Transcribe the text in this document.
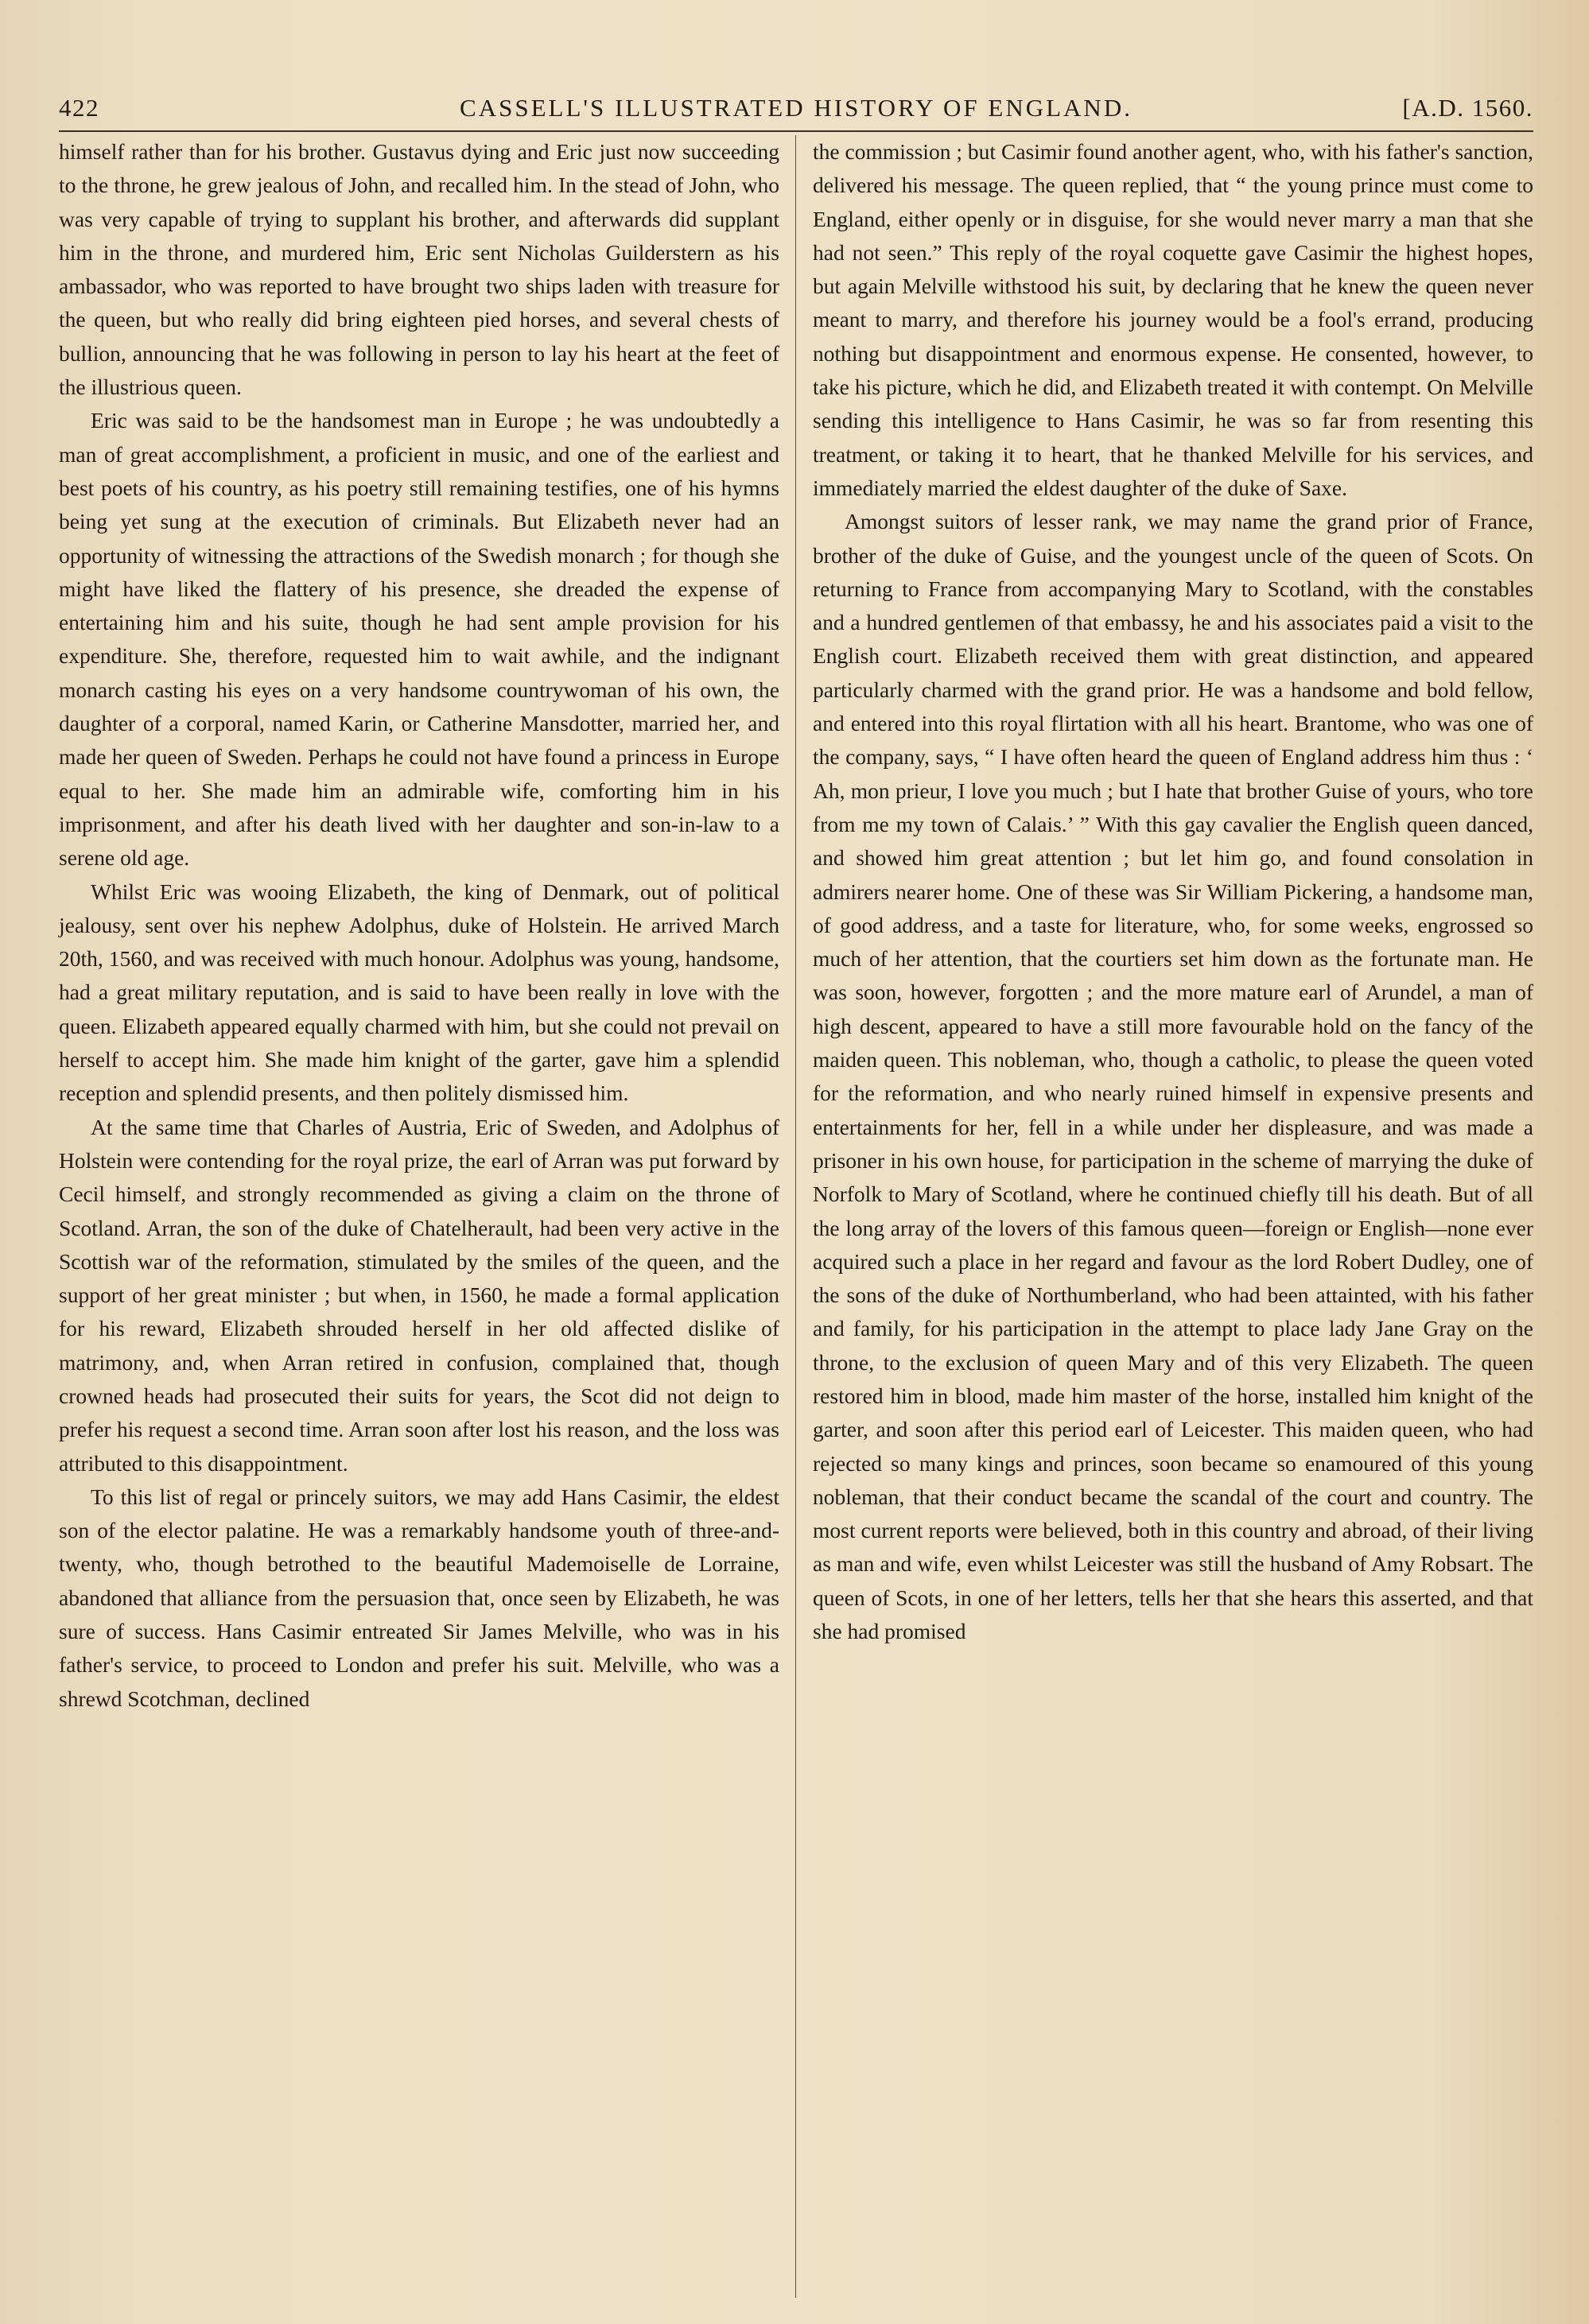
422	CASSELL'S ILLUSTRATED HISTORY OF ENGLAND.	[A.D. 1560.

himself rather than for his brother. Gustavus dying and Eric just now succeeding to the throne, he grew jealous of John, and recalled him. In the stead of John, who was very capable of trying to supplant his brother, and afterwards did supplant him in the throne, and murdered him, Eric sent Nicholas Guilderstern as his ambassador, who was reported to have brought two ships laden with treasure for the queen, but who really did bring eighteen pied horses, and several chests of bullion, announcing that he was following in person to lay his heart at the feet of the illustrious queen.

Eric was said to be the handsomest man in Europe ; he was undoubtedly a man of great accomplishment, a proficient in music, and one of the earliest and best poets of his country, as his poetry still remaining testifies, one of his hymns being yet sung at the execution of criminals. But Elizabeth never had an opportunity of witnessing the attractions of the Swedish monarch ; for though she might have liked the flattery of his presence, she dreaded the expense of entertaining him and his suite, though he had sent ample provision for his expenditure. She, therefore, requested him to wait awhile, and the indignant monarch casting his eyes on a very handsome countrywoman of his own, the daughter of a corporal, named Karin, or Catherine Mansdotter, married her, and made her queen of Sweden. Perhaps he could not have found a princess in Europe equal to her. She made him an admirable wife, comforting him in his imprisonment, and after his death lived with her daughter and son-in-law to a serene old age.

Whilst Eric was wooing Elizabeth, the king of Denmark, out of political jealousy, sent over his nephew Adolphus, duke of Holstein. He arrived March 20th, 1560, and was received with much honour. Adolphus was young, handsome, had a great military reputation, and is said to have been really in love with the queen. Elizabeth appeared equally charmed with him, but she could not prevail on herself to accept him. She made him knight of the garter, gave him a splendid reception and splendid presents, and then politely dismissed him.

At the same time that Charles of Austria, Eric of Sweden, and Adolphus of Holstein were contending for the royal prize, the earl of Arran was put forward by Cecil himself, and strongly recommended as giving a claim on the throne of Scotland. Arran, the son of the duke of Chatelherault, had been very active in the Scottish war of the reformation, stimulated by the smiles of the queen, and the support of her great minister ; but when, in 1560, he made a formal application for his reward, Elizabeth shrouded herself in her old affected dislike of matrimony, and, when Arran retired in confusion, complained that, though crowned heads had prosecuted their suits for years, the Scot did not deign to prefer his request a second time. Arran soon after lost his reason, and the loss was attributed to this disappointment.

To this list of regal or princely suitors, we may add Hans Casimir, the eldest son of the elector palatine. He was a remarkably handsome youth of three-and-twenty, who, though betrothed to the beautiful Mademoiselle de Lorraine, abandoned that alliance from the persuasion that, once seen by Elizabeth, he was sure of success. Hans Casimir entreated Sir James Melville, who was in his father's service, to proceed to London and prefer his suit. Melville, who was a shrewd Scotchman, declined

the commission ; but Casimir found another agent, who, with his father's sanction, delivered his message. The queen replied, that “ the young prince must come to England, either openly or in disguise, for she would never marry a man that she had not seen.” This reply of the royal coquette gave Casimir the highest hopes, but again Melville withstood his suit, by declaring that he knew the queen never meant to marry, and therefore his journey would be a fool's errand, producing nothing but disappointment and enormous expense. He consented, however, to take his picture, which he did, and Elizabeth treated it with contempt. On Melville sending this intelligence to Hans Casimir, he was so far from resenting this treatment, or taking it to heart, that he thanked Melville for his services, and immediately married the eldest daughter of the duke of Saxe.

Amongst suitors of lesser rank, we may name the grand prior of France, brother of the duke of Guise, and the youngest uncle of the queen of Scots. On returning to France from accompanying Mary to Scotland, with the constables and a hundred gentlemen of that embassy, he and his associates paid a visit to the English court. Elizabeth received them with great distinction, and appeared particularly charmed with the grand prior. He was a handsome and bold fellow, and entered into this royal flirtation with all his heart. Brantome, who was one of the company, says, “ I have often heard the queen of England address him thus : ‘ Ah, mon prieur, I love you much ; but I hate that brother Guise of yours, who tore from me my town of Calais.’ ” With this gay cavalier the English queen danced, and showed him great attention ; but let him go, and found consolation in admirers nearer home. One of these was Sir William Pickering, a handsome man, of good address, and a taste for literature, who, for some weeks, engrossed so much of her attention, that the courtiers set him down as the fortunate man. He was soon, however, forgotten ; and the more mature earl of Arundel, a man of high descent, appeared to have a still more favourable hold on the fancy of the maiden queen. This nobleman, who, though a catholic, to please the queen voted for the reformation, and who nearly ruined himself in expensive presents and entertainments for her, fell in a while under her displeasure, and was made a prisoner in his own house, for participation in the scheme of marrying the duke of Norfolk to Mary of Scotland, where he continued chiefly till his death. But of all the long array of the lovers of this famous queen—foreign or English—none ever acquired such a place in her regard and favour as the lord Robert Dudley, one of the sons of the duke of Northumberland, who had been attainted, with his father and family, for his participation in the attempt to place lady Jane Gray on the throne, to the exclusion of queen Mary and of this very Elizabeth. The queen restored him in blood, made him master of the horse, installed him knight of the garter, and soon after this period earl of Leicester. This maiden queen, who had rejected so many kings and princes, soon became so enamoured of this young nobleman, that their conduct became the scandal of the court and country. The most current reports were believed, both in this country and abroad, of their living as man and wife, even whilst Leicester was still the husband of Amy Robsart. The queen of Scots, in one of her letters, tells her that she hears this asserted, and that she had promised
